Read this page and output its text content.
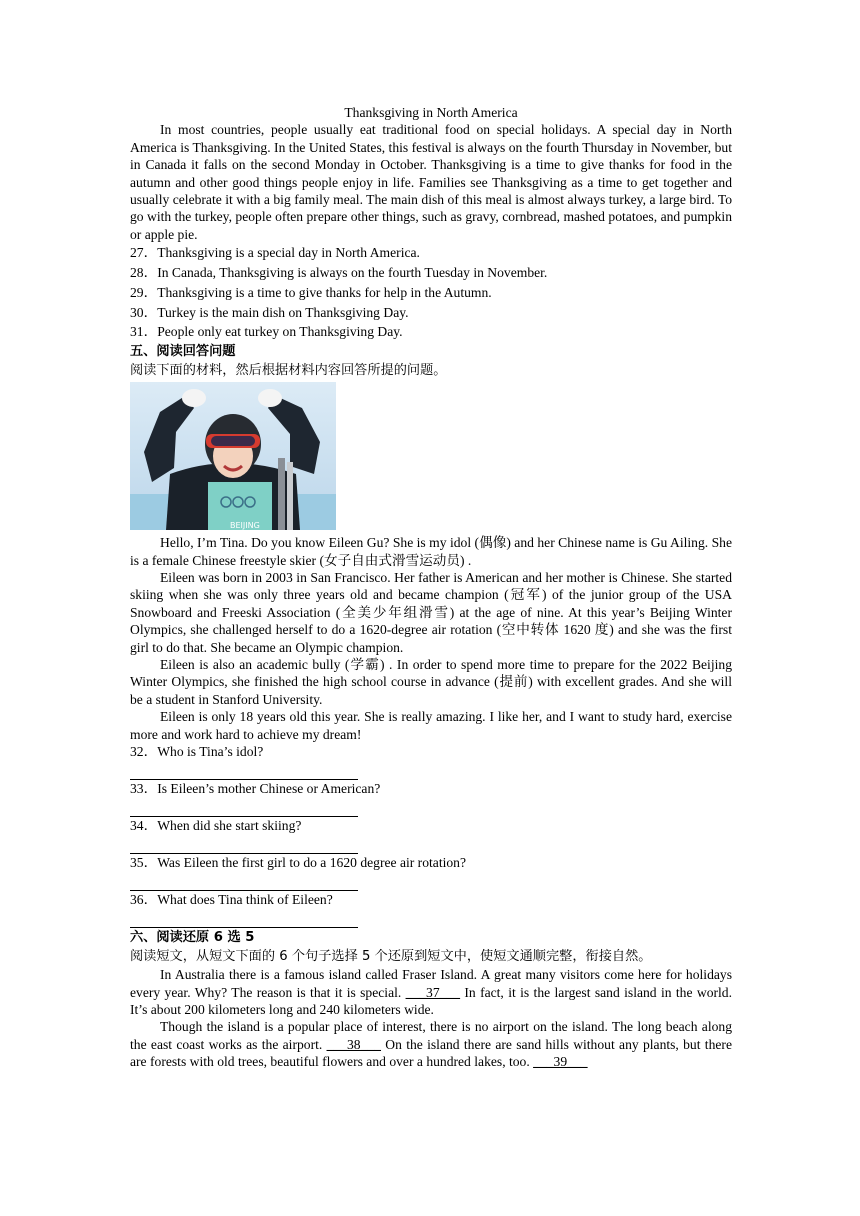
Thanksgiving in North America

In most countries, people usually eat traditional food on special holidays. A special day in North America is Thanksgiving. In the United States, this festival is always on the fourth Thursday in November, but in Canada it falls on the second Monday in October. Thanksgiving is a time to give thanks for food in the autumn and other good things people enjoy in life. Families see Thanksgiving as a time to get together and usually celebrate it with a big family meal. The main dish of this meal is almost always turkey, a large bird. To go with the turkey, people often prepare other things, such as gravy, cornbread, mashed potatoes, and pumpkin or apple pie.

27．Thanksgiving is a special day in North America.
28．In Canada, Thanksgiving is always on the fourth Tuesday in November.
29．Thanksgiving is a time to give thanks for help in the Autumn.
30．Turkey is the main dish on Thanksgiving Day.
31．People only eat turkey on Thanksgiving Day.
五、阅读回答问题
阅读下面的材料，然后根据材料内容回答所提的问题。
BEIJING

Hello, I’m Tina. Do you know Eileen Gu? She is my idol (偶像) and her Chinese name is Gu Ailing. She is a female Chinese freestyle skier (女子自由式滑雪运动员) .

Eileen was born in 2003 in San Francisco. Her father is American and her mother is Chinese. She started skiing when she was only three years old and became champion (冠军) of the junior group of the USA Snowboard and Freeski Association (全美少年组滑雪) at the age of nine. At this year’s Beijing Winter Olympics, she challenged herself to do a 1620-degree air rotation (空中转体 1620 度) and she was the first girl to do that. She became an Olympic champion.

Eileen is also an academic bully (学霸) . In order to spend more time to prepare for the 2022 Beijing Winter Olympics, she finished the high school course in advance (提前) with excellent grades. And she will be a student in Stanford University.

Eileen is only 18 years old this year. She is really amazing. I like her, and I want to study hard, exercise more and work hard to achieve my dream!

32．Who is Tina’s idol?
33．Is Eileen’s mother Chinese or American?
34．When did she start skiing?
35．Was Eileen the first girl to do a 1620 degree air rotation?
36．What does Tina think of Eileen?
六、阅读还原 6 选 5
阅读短文，从短文下面的 6 个句子选择 5 个还原到短文中，使短文通顺完整，衔接自然。

In Australia there is a famous island called Fraser Island. A great many visitors come here for holidays every year. Why? The reason is that it is special. ___37___ In fact, it is the largest sand island in the world. It’s about 200 kilometers long and 240 kilometers wide.

Though the island is a popular place of interest, there is no airport on the island. The long beach along the east coast works as the airport. ___38___ On the island there are sand hills without any plants, but there are forests with old trees, beautiful flowers and over a hundred lakes, too. ___39___
